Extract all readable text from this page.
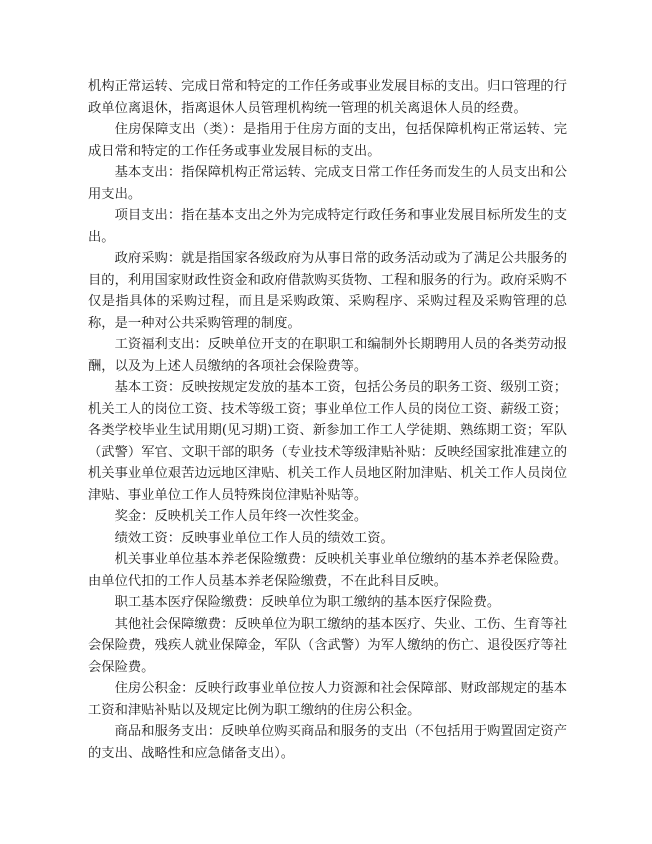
机构正常运转、完成日常和特定的工作任务或事业发展目标的支出。归口管理的行政单位离退休，指离退休人员管理机构统一管理的机关离退休人员的经费。

住房保障支出（类）：是指用于住房方面的支出，包括保障机构正常运转、完成日常和特定的工作任务或事业发展目标的支出。

基本支出：指保障机构正常运转、完成支日常工作任务而发生的人员支出和公用支出。

项目支出：指在基本支出之外为完成特定行政任务和事业发展目标所发生的支出。

政府采购：就是指国家各级政府为从事日常的政务活动或为了满足公共服务的目的，利用国家财政性资金和政府借款购买货物、工程和服务的行为。政府采购不仅是指具体的采购过程，而且是采购政策、采购程序、采购过程及采购管理的总称，是一种对公共采购管理的制度。

工资福利支出：反映单位开支的在职职工和编制外长期聘用人员的各类劳动报酬，以及为上述人员缴纳的各项社会保险费等。

基本工资：反映按规定发放的基本工资，包括公务员的职务工资、级别工资；机关工人的岗位工资、技术等级工资；事业单位工作人员的岗位工资、薪级工资；各类学校毕业生试用期(见习期)工资、新参加工作工人学徒期、熟练期工资；军队（武警）军官、文职干部的职务（专业技术等级津贴补贴：反映经国家批准建立的机关事业单位艰苦边远地区津贴、机关工作人员地区附加津贴、机关工作人员岗位津贴、事业单位工作人员特殊岗位津贴补贴等。

奖金：反映机关工作人员年终一次性奖金。

绩效工资：反映事业单位工作人员的绩效工资。

机关事业单位基本养老保险缴费：反映机关事业单位缴纳的基本养老保险费。由单位代扣的工作人员基本养老保险缴费，不在此科目反映。

职工基本医疗保险缴费：反映单位为职工缴纳的基本医疗保险费。

其他社会保障缴费：反映单位为职工缴纳的基本医疗、失业、工伤、生育等社会保险费，残疾人就业保障金，军队（含武警）为军人缴纳的伤亡、退役医疗等社会保险费。

住房公积金：反映行政事业单位按人力资源和社会保障部、财政部规定的基本工资和津贴补贴以及规定比例为职工缴纳的住房公积金。

商品和服务支出：反映单位购买商品和服务的支出（不包括用于购置固定资产的支出、战略性和应急储备支出）。
